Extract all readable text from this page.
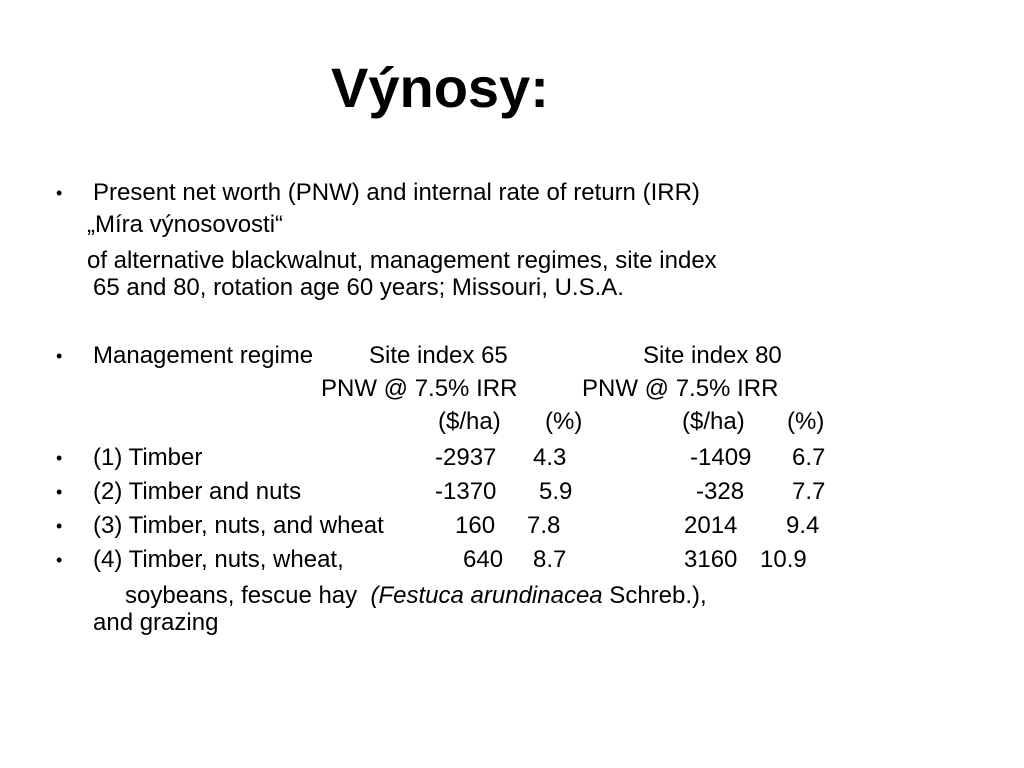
Výnosy:
•
Present net worth (PNW) and internal rate of return (IRR)
„Míra výnosovosti“
of alternative blackwalnut, management regimes, site index
65 and 80, rotation age 60 years; Missouri, U.S.A.
•
Management regime Site index 65	Site index 80
PNW @ 7.5% IRR	PNW @ 7.5% IRR
($/ha) (%)	($/ha) (%)
•
(1) Timber	-2937 4.3	-1409 6.7
•
(2) Timber and nuts	-1370 5.9	-328 7.7
•
(3) Timber, nuts, and wheat	160 7.8	2014 9.4
•
(4) Timber, nuts, wheat,	640 8.7	3160 10.9
soybeans, fescue hay (Festuca arundinacea Schreb.),
and grazing
